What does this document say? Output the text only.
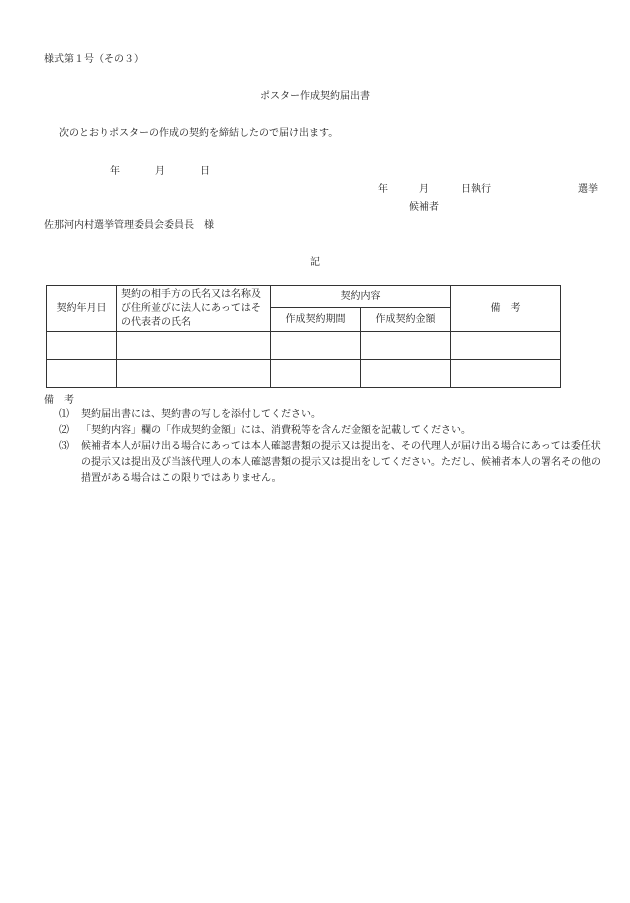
様式第１号（その３）
ポスター作成契約届出書
次のとおりポスターの作成の契約を締結したので届け出ます。
年	月	日
年	月	日執行	選挙
候補者
佐那河内村選挙管理委員会委員長　様
記
契約年月日	契約の相手方の氏名又は名称及び住所並びに法人にあってはその代表者の氏名	契約内容		備　考
		作成契約期間	作成契約金額	

備　考
⑴ 契約届出書には、契約書の写しを添付してください。
⑵ 「契約内容」欄の「作成契約金額」には、消費税等を含んだ金額を記載してください。
⑶ 候補者本人が届け出る場合にあっては本人確認書類の提示又は提出を、その代理人が届け出る場合にあっては委任状の提示又は提出及び当該代理人の本人確認書類の提示又は提出をしてください。ただし、候補者本人の署名その他の措置がある場合はこの限りではありません。
